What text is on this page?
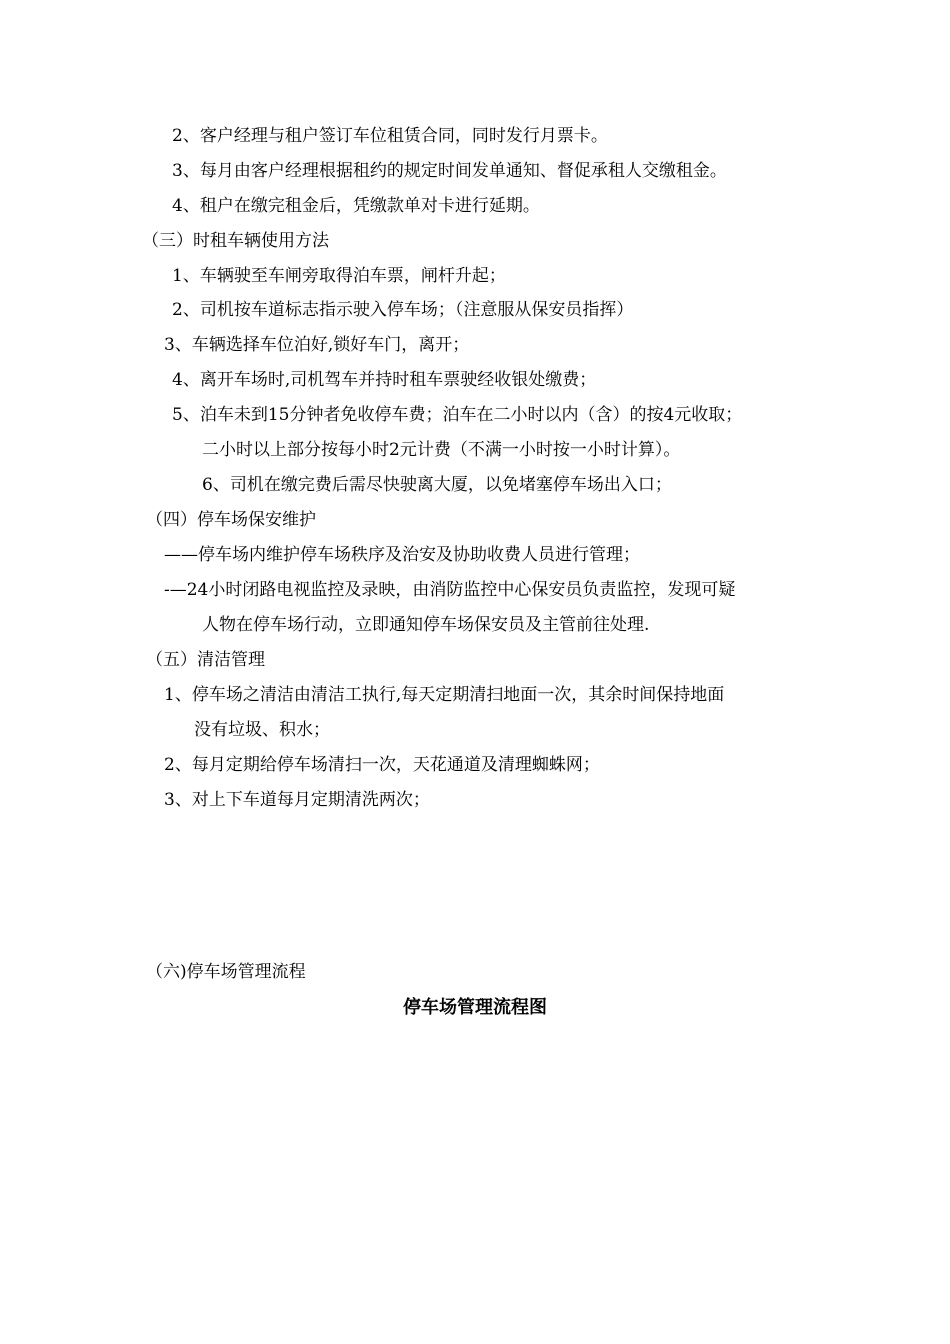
2、客户经理与租户签订车位租赁合同，同时发行月票卡。
3、每月由客户经理根据租约的规定时间发单通知、督促承租人交缴租金。
4、租户在缴完租金后，凭缴款单对卡进行延期。
（三）时租车辆使用方法
1、车辆驶至车闸旁取得泊车票，闸杆升起；
2、司机按车道标志指示驶入停车场；（注意服从保安员指挥）
3、车辆选择车位泊好,锁好车门，离开；
4、离开车场时,司机驾车并持时租车票驶经收银处缴费；
5、泊车未到15分钟者免收停车费；泊车在二小时以内（含）的按4元收取；
二小时以上部分按每小时2元计费（不满一小时按一小时计算）。
6、司机在缴完费后需尽快驶离大厦，以免堵塞停车场出入口；
（四）停车场保安维护
——停车场内维护停车场秩序及治安及协助收费人员进行管理；
-—24小时闭路电视监控及录映，由消防监控中心保安员负责监控，发现可疑
人物在停车场行动，立即通知停车场保安员及主管前往处理.
（五）清洁管理
1、停车场之清洁由清洁工执行,每天定期清扫地面一次，其余时间保持地面
没有垃圾、积水；
2、每月定期给停车场清扫一次，天花通道及清理蜘蛛网；
3、对上下车道每月定期清洗两次；
（六)停车场管理流程
停车场管理流程图
